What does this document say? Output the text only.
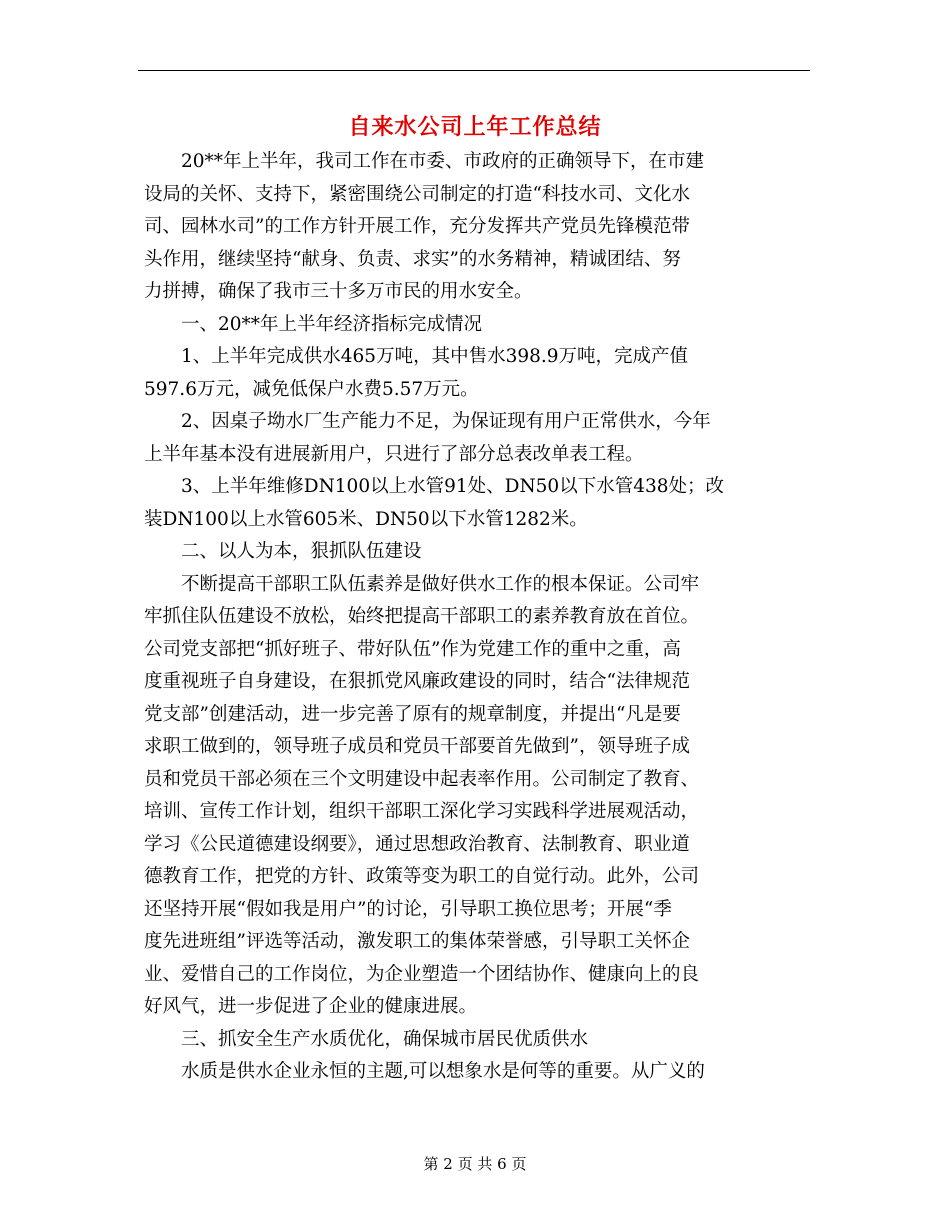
自来水公司上年工作总结

20**年上半年，我司工作在市委、市政府的正确领导下，在市建
设局的关怀、支持下，紧密围绕公司制定的打造“科技水司、文化水
司、园林水司”的工作方针开展工作，充分发挥共产党员先锋模范带
头作用，继续坚持“献身、负责、求实”的水务精神，精诚团结、努
力拼搏，确保了我市三十多万市民的用水安全。

一、20**年上半年经济指标完成情况

1、上半年完成供水465万吨，其中售水398.9万吨，完成产值
597.6万元，减免低保户水费5.57万元。

2、因桌子坳水厂生产能力不足，为保证现有用户正常供水，今年
上半年基本没有进展新用户，只进行了部分总表改单表工程。

3、上半年维修DN100以上水管91处、DN50以下水管438处；改
装DN100以上水管605米、DN50以下水管1282米。

二、以人为本，狠抓队伍建设

不断提高干部职工队伍素养是做好供水工作的根本保证。公司牢
牢抓住队伍建设不放松，始终把提高干部职工的素养教育放在首位。
公司党支部把“抓好班子、带好队伍”作为党建工作的重中之重，高
度重视班子自身建设，在狠抓党风廉政建设的同时，结合“法律规范
党支部”创建活动，进一步完善了原有的规章制度，并提出“凡是要
求职工做到的，领导班子成员和党员干部要首先做到”，领导班子成
员和党员干部必须在三个文明建设中起表率作用。公司制定了教育、
培训、宣传工作计划，组织干部职工深化学习实践科学进展观活动，
学习《公民道德建设纲要》，通过思想政治教育、法制教育、职业道
德教育工作，把党的方针、政策等变为职工的自觉行动。此外，公司
还坚持开展“假如我是用户”的讨论，引导职工换位思考；开展“季
度先进班组”评选等活动，激发职工的集体荣誉感，引导职工关怀企
业、爱惜自己的工作岗位，为企业塑造一个团结协作、健康向上的良
好风气，进一步促进了企业的健康进展。

三、抓安全生产水质优化，确保城市居民优质供水

水质是供水企业永恒的主题,可以想象水是何等的重要。从广义的

第 2 页 共 6 页
